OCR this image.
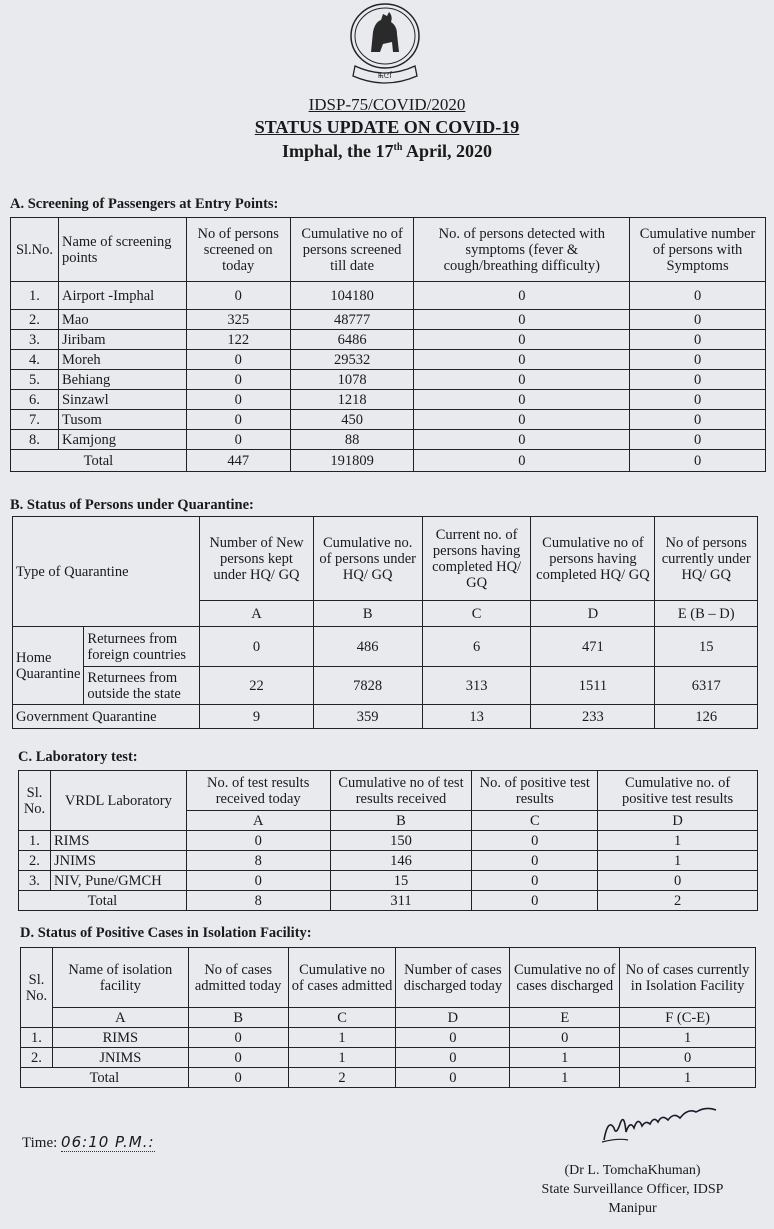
ꯃꯅꯤ
IDSP-75/COVID/2020
STATUS UPDATE ON COVID-19
Imphal, the 17th April, 2020
A. Screening of Passengers at Entry Points:
Sl.No.	Name of screening points	No of persons screened on today	Cumulative no of persons screened till date	No. of persons detected with symptoms (fever & cough/breathing difficulty)	Cumulative number of persons with Symptoms
1.	Airport -Imphal	0	104180	0	0
2.	Mao	325	48777	0	0
3.	Jiribam	122	6486	0	0
4.	Moreh	0	29532	0	0
5.	Behiang	0	1078	0	0
6.	Sinzawl	0	1218	0	0
7.	Tusom	0	450	0	0
8.	Kamjong	0	88	0	0
Total		447	191809	0	0
B. Status of Persons under Quarantine:
Type of Quarantine		Number of New persons kept under HQ/ GQ	Cumulative no. of persons under HQ/ GQ	Current no. of persons having completed HQ/ GQ	Cumulative no of persons having completed HQ/ GQ	No of persons currently under HQ/ GQ
		A	B	C	D	E (B – D)
Home Quarantine	Returnees from foreign countries	0	486	6	471	15
	Returnees from outside the state	22	7828	313	1511	6317
Government Quarantine		9	359	13	233	126
C. Laboratory test:
Sl. No.	VRDL Laboratory	No. of test results received today	Cumulative no of test results received	No. of positive test results	Cumulative no. of positive test results
		A	B	C	D
1.	RIMS	0	150	0	1
2.	JNIMS	8	146	0	1
3.	NIV, Pune/GMCH	0	15	0	0
Total		8	311	0	2
D. Status of Positive Cases in Isolation Facility:
Sl. No.	Name of isolation facility	No of cases admitted today	Cumulative no of cases admitted	Number of cases discharged today	Cumulative no of cases discharged	No of cases currently in Isolation Facility
	A	B	C	D	E	F (C-E)
1.	RIMS	0	1	0	0	1
2.	JNIMS	0	1	0	1	0
Total		0	2	0	1	1
Time: 06:10 P.M.:
(Dr L. TomchaKhuman)
State Surveillance Officer, IDSP
Manipur
